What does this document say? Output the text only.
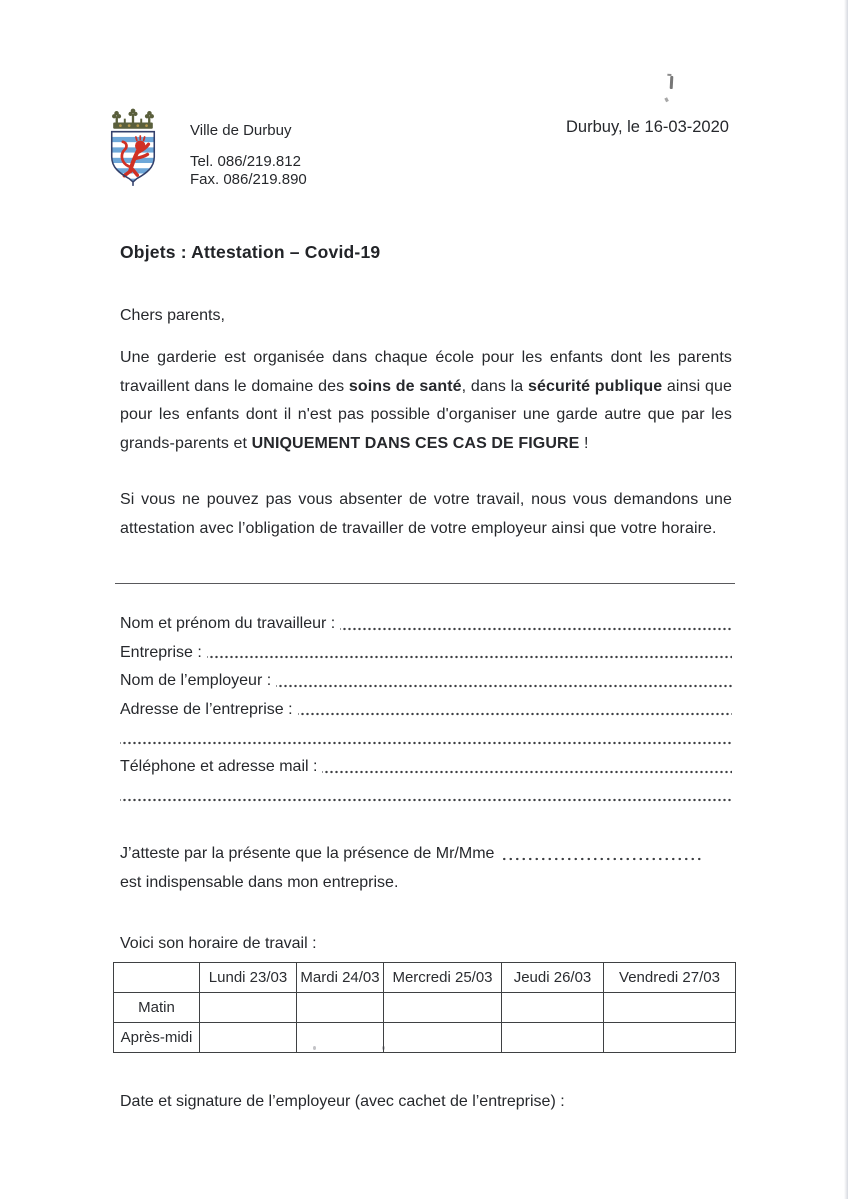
Ville de Durbuy
Tel. 086/219.812
Fax. 086/219.890
Durbuy, le 16-03-2020
Objets : Attestation – Covid-19

Chers parents,

Une garderie est organisée dans chaque école pour les enfants dont les parents travaillent dans le domaine des soins de santé, dans la sécurité publique ainsi que pour les enfants dont il n'est pas possible d'organiser une garde autre que par les grands-parents et UNIQUEMENT DANS CES CAS DE FIGURE !

Si vous ne pouvez pas vous absenter de votre travail, nous vous demandons une attestation avec l’obligation de travailler de votre employeur ainsi que votre horaire.

Nom et prénom du travailleur :
Entreprise :
Nom de l’employeur :
Adresse de l’entreprise :
Téléphone et adresse mail :
J’atteste par la présente que la présence de Mr/Mme

est indispensable dans mon entreprise.

Voici son horaire de travail :

	Lundi 23/03	Mardi 24/03	Mercredi 25/03	Jeudi 26/03	Vendredi 27/03
Matin					
Après-midi					

Date et signature de l’employeur (avec cachet de l’entreprise) :
